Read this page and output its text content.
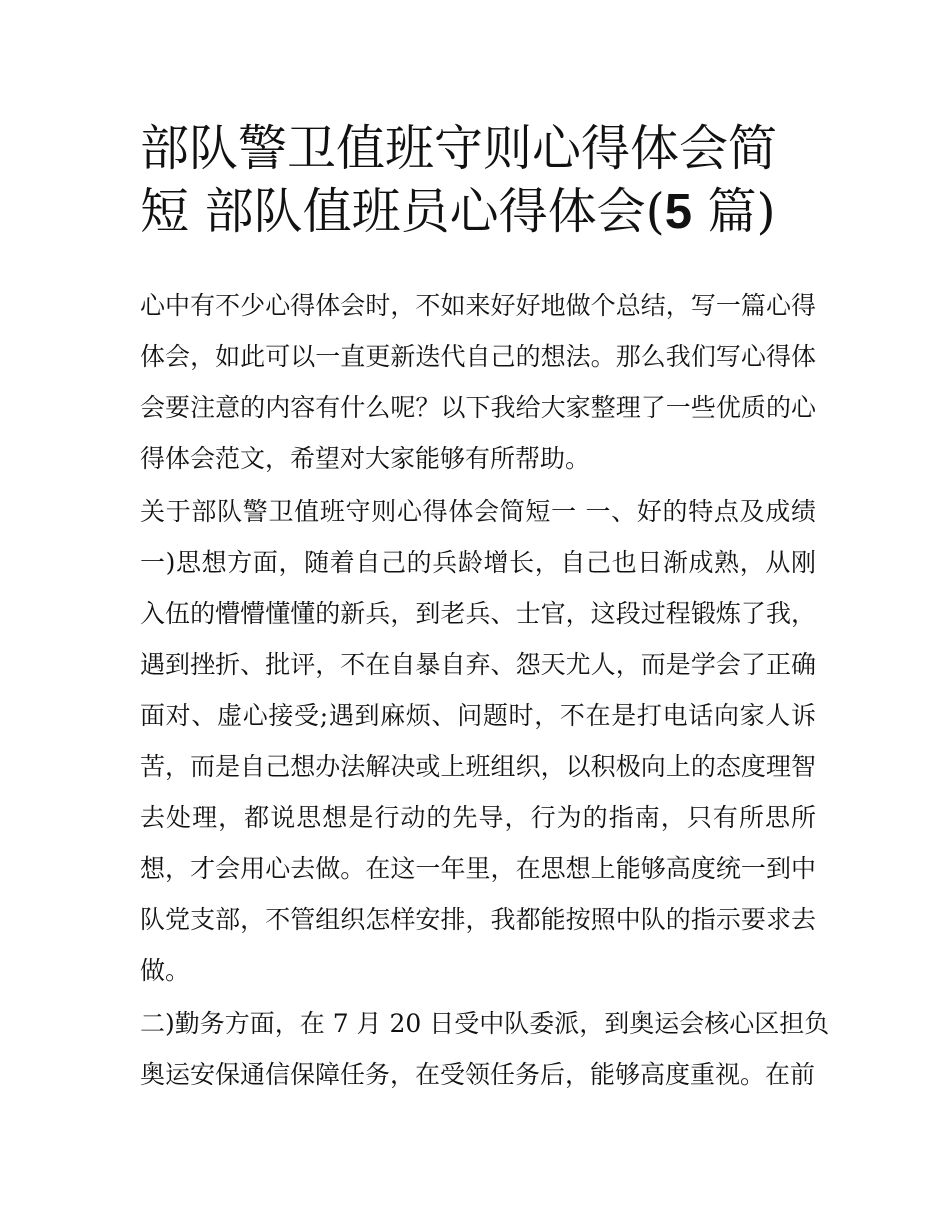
部队警卫值班守则心得体会简
短 部队值班员心得体会(5 篇)
心中有不少心得体会时，不如来好好地做个总结，写一篇心得
体会，如此可以一直更新迭代自己的想法。那么我们写心得体
会要注意的内容有什么呢？以下我给大家整理了一些优质的心
得体会范文，希望对大家能够有所帮助。
关于部队警卫值班守则心得体会简短一 一、好的特点及成绩
一)思想方面，随着自己的兵龄增长，自己也日渐成熟，从刚
入伍的懵懵懂懂的新兵，到老兵、士官，这段过程锻炼了我，
遇到挫折、批评，不在自暴自弃、怨天尤人，而是学会了正确
面对、虚心接受;遇到麻烦、问题时，不在是打电话向家人诉
苦，而是自己想办法解决或上班组织，以积极向上的态度理智
去处理，都说思想是行动的先导，行为的指南，只有所思所
想，才会用心去做。在这一年里，在思想上能够高度统一到中
队党支部，不管组织怎样安排，我都能按照中队的指示要求去
做。
二)勤务方面，在 7 月 20 日受中队委派，到奥运会核心区担负
奥运安保通信保障任务，在受领任务后，能够高度重视。在前
